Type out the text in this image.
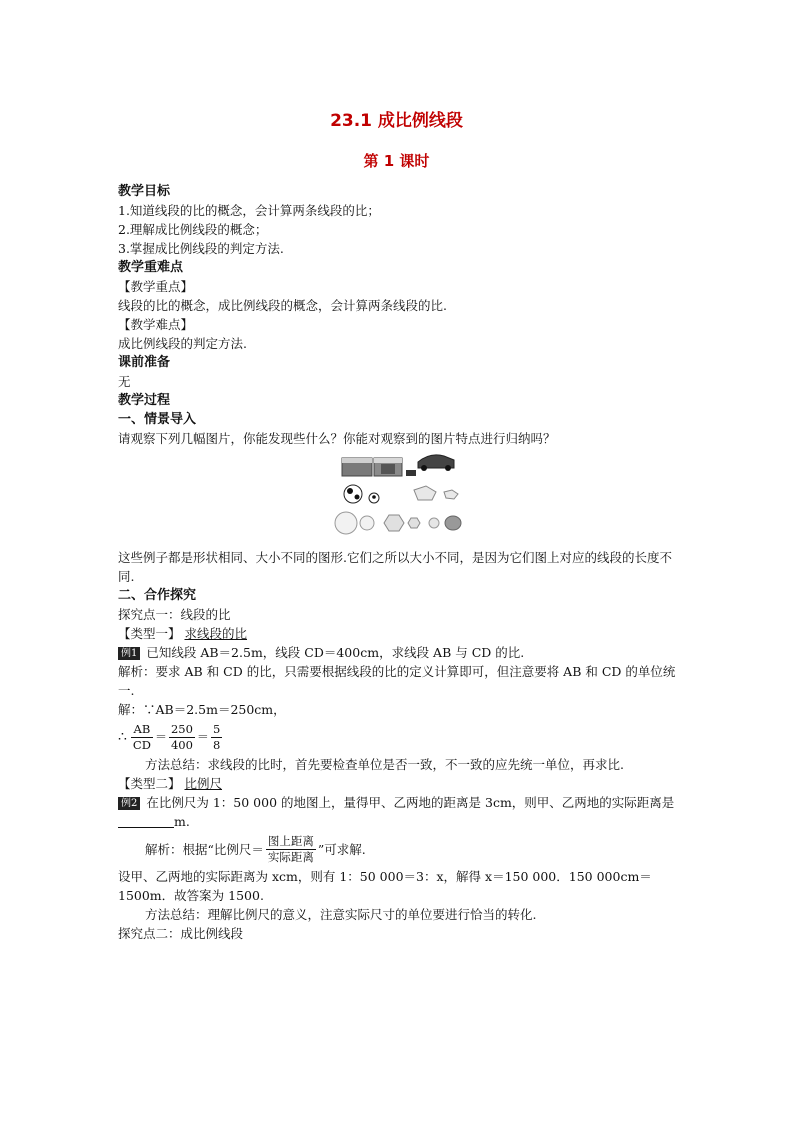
23.1 成比例线段
第 1 课时

教学目标

1.知道线段的比的概念，会计算两条线段的比；

2.理解成比例线段的概念；

3.掌握成比例线段的判定方法.

教学重难点

【教学重点】

线段的比的概念，成比例线段的概念，会计算两条线段的比.

【教学难点】

成比例线段的判定方法.

课前准备

无

教学过程

一、情景导入

请观察下列几幅图片，你能发现些什么？你能对观察到的图片特点进行归纳吗？

这些例子都是形状相同、大小不同的图形.它们之所以大小不同，是因为它们图上对应的线段的长度不同.

二、合作探究

探究点一：线段的比

【类型一】 求线段的比

例1 已知线段 AB＝2.5m，线段 CD＝400cm，求线段 AB 与 CD 的比.

解析：要求 AB 和 CD 的比，只需要根据线段的比的定义计算即可，但注意要将 AB 和 CD 的单位统一.

解：∵AB＝2.5m＝250cm，

∴ $\frac{AB}{CD} = \frac{250}{400} = \frac{5}{8}$

方法总结：求线段的比时，首先要检查单位是否一致，不一致的应先统一单位，再求比.

【类型二】 比例尺

例2 在比例尺为 1：50 000 的地图上，量得甲、乙两地的距离是 3cm，则甲、乙两地的实际距离是m.

解析：根据“比例尺＝ $\frac{\text{图上距离}}{\text{实际距离}}$ ”可求解.

设甲、乙两地的实际距离为 xcm，则有 1：50 000＝3：x，解得 x＝150 000．150 000cm＝1500m．故答案为 1500.

方法总结：理解比例尺的意义，注意实际尺寸的单位要进行恰当的转化.

探究点二：成比例线段
